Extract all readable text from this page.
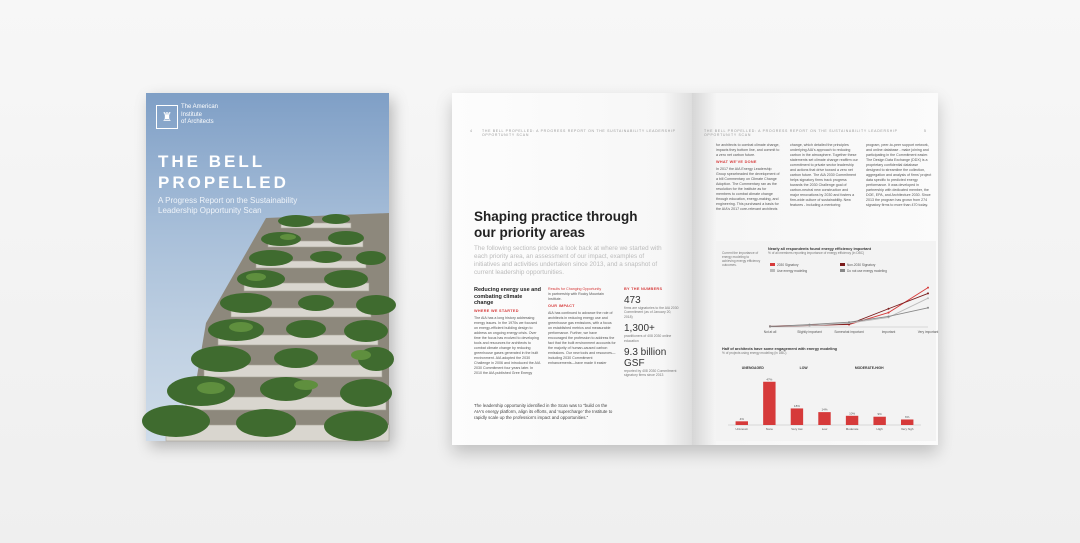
♜
The American
Institute
of Architects
THE BELL
PROPELLED
A Progress Report on the Sustainability Leadership Opportunity Scan
4	THE BELL PROPELLED: A PROGRESS REPORT ON THE SUSTAINABILITY LEADERSHIP OPPORTUNITY SCAN
Shaping practice through our priority areas
The following sections provide a look back at where we started with each priority area, an assessment of our impact, examples of initiatives and activities undertaken since 2013, and a snapshot of current leadership opportunities.
Reducing energy use and combating climate change
WHERE WE STARTED
The AIA has a long history addressing energy issues. In the 1970s we focused on energy-efficient building design to address an ongoing energy crisis. Over time the focus has evolved to developing tools and resources for architects to combat climate change by reducing greenhouse gases generated in the built environment. AIA adopted the 2030 Challenge in 2006 and introduced the AIA 2030 Commitment four years later. In 2010 the AIA published Gree Energy
Results for Changing Opportunity
in partnership with Rocky Mountain Institute.
OUR IMPACT
AIA has continued to advance the role of architects in reducing energy use and greenhouse gas emissions, with a focus on established metrics and measurable performance. Further, we have encouraged the profession to address the fact that the built environment accounts for the majority of human-caused carbon emissions. Our new tools and resources—including 2030 Commitment enhancements—have made it easier
BY THE NUMBERS
473
firms are signatories to the AIA 2030 Commitment (as of January 20, 2018)
1,300+
practitioners of 408 2030 online education
9.3 billion GSF
reported by 408 2030 Commitment signatory firms since 2013
The leadership opportunity identified in the Scan was to "build on the AIA's energy platform, align its efforts, and 'supercharge' the Institute to rapidly scale up the profession's impact and opportunities."
THE BELL PROPELLED: A PROGRESS REPORT ON THE SUSTAINABILITY LEADERSHIP OPPORTUNITY SCAN
5
for architects to combat climate change, impacts they bottom line, and commit to a zero net carbon future.
WHAT WE'VE DONE
In 2017 the AIA Energy Leadership Group spearheaded the development of a bill Commentary on Climate Change Adoption. The Commentary ran as the resolution for the Institute as for members to combat climate change through education, energy-making, and engineering. This purchased a basis for the AIA's 2017 core-relevant architects
change, which detailed the principles underlying AIA's approach to reducing carbon in the atmosphere. Together these statements set climate change reaffirm our commitment to private sector leadership and actions that drive toward a zero net carbon future. The AIA 2030 Commitment helps signatory firms track progress towards the 2030 Challenge goal of carbon-neutral new construction and major renovations by 2030 and fosters a firm-wide culture of sustainability. New features - including a mentoring
program, peer-to-peer support network, and online database - make joining and participating in the Commitment easier. The Design Data Exchange (DDX) is a proprietary confidential database designed to streamline the collection, aggregation and analysis of firms' project data specific to predicted energy performance. It was developed in partnership with dedicated member, the DOE, EPA, and Architecture 2030. Since 2013 the program has grown from 274 signatory firms to more than 470 today.
Current the importance of energy modeling to achieving energy efficiency outcomes.
Nearly all respondents found energy efficiency important
% of all members reporting importance of energy efficiency (in DBC)
2030 Signatory	Non-2030 Signatory
Use energy modeling	Do not use energy modeling
Not at all	Slightly important	Somewhat important	Important	Very important
Half of architects have some engagement with energy modeling
% of projects using energy modeling (in DBC)
UNENGAGED	LOW	MODERATE-HIGH
4%
Unknown
47%
None
18%
Very low
14%
Low
10%
Moderate
9%
High
6%
Very high
